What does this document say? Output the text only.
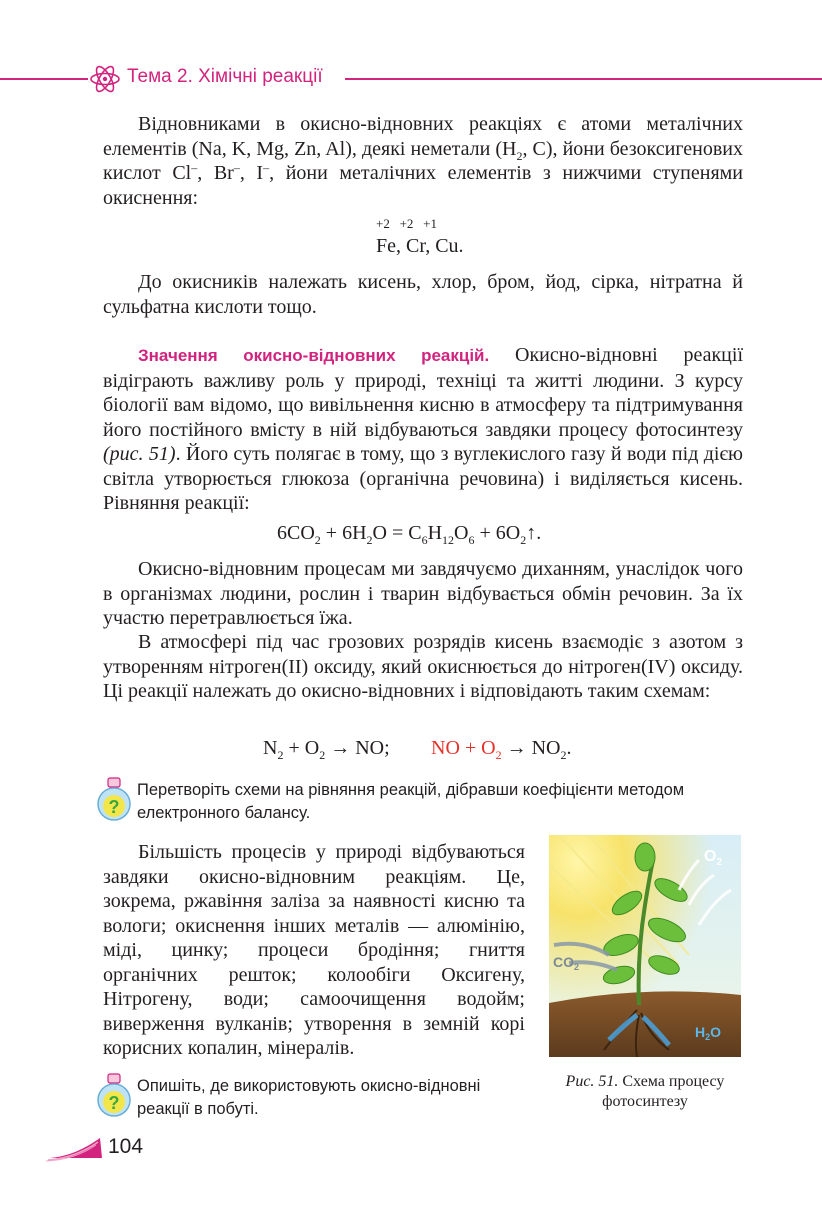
Тема 2. Хімічні реакції
Відновниками в окисно-відновних реакціях є атоми металічних елементів (Na, K, Mg, Zn, Al), деякі неметали ($H_2$, C), йони безоксигенових кислот Cl–, Br–, I–, йони металічних елементів з нижчими ступенями окиснення:
+2   +2   +1
Fe, Cr, Cu.
До окисників належать кисень, хлор, бром, йод, сірка, нітратна й сульфатна кислоти тощо.
Значення окисно-відновних реакцій. Окисно-відновні реакції відіграють важливу роль у природі, техніці та житті людини. З курсу біології вам відомо, що вивільнення кисню в атмосферу та підтримування його постійного вмісту в ній відбуваються завдяки процесу фотосинтезу (рис. 51). Його суть полягає в тому, що з вуглекислого газу й води під дією світла утворюється глюкоза (органічна речовина) і виділяється кисень. Рівняння реакції:
$6CO_2 + 6H_2O = C_6H_{12}O_6$ + $6O_2↑$.
Окисно-відновним процесам ми завдячуємо диханням, унаслідок чого в організмах людини, рослин і тварин відбувається обмін речовин. За їх участю перетравлюється їжа.
В атмосфері під час грозових розрядів кисень взаємодіє з азотом з утворенням нітроген(ІІ) оксиду, який окиснюється до нітроген(IV) оксиду. Ці реакції належать до окисно-відновних і відповідають таким схемам:
$N_2 + O_2$ → NO; NO + $O_2 \to NO_2$.
?
Перетворіть схеми на рівняння реакцій, дібравши коефіцієнти методом електронного балансу.
Більшість процесів у природі відбуваються завдяки окисно-відновним реакціям. Це, зокрема, ржавіння заліза за наявності кисню та вологи; окиснення інших металів — алюмінію, міді, цинку; процеси бродіння; гниття органічних решток; колообіги Оксигену, Нітрогену, води; самоочищення водойм; виверження вулканів; утворення в земній корі корисних копалин, мінералів.
$O_2$
$CO_2$
$H_2O$
Рис. 51. Схема процесу фотосинтезу
?
Опишіть, де використовують окисно-відновні реакції в побуті.
104
